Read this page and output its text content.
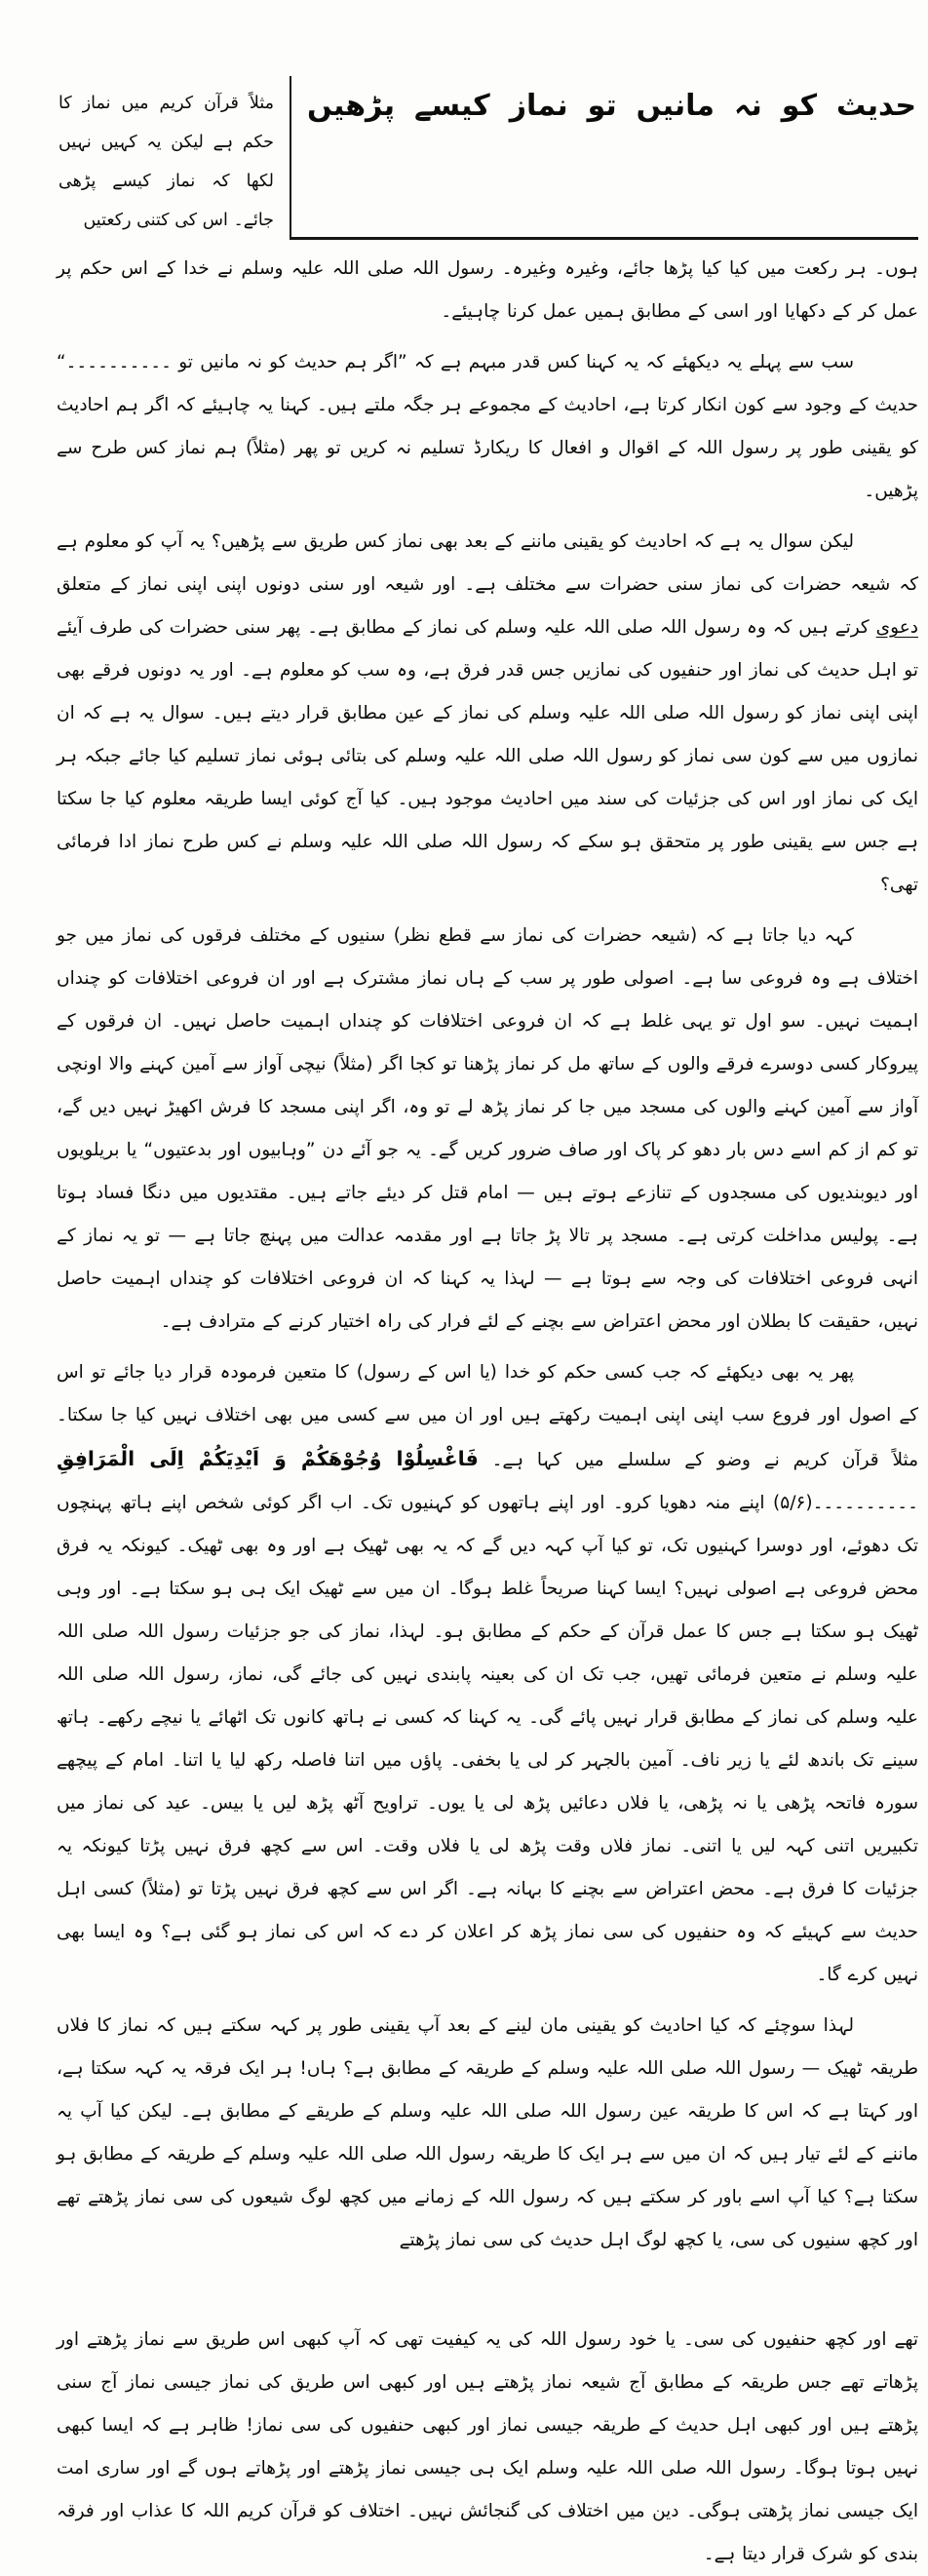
حدیث کو نہ مانیں تو نماز کیسے پڑھیں
مثلاً قرآن کریم میں نماز کا حکم ہے لیکن یہ کہیں نہیں لکھا کہ نماز کیسے پڑھی جائے۔ اس کی کتنی رکعتیں

ہوں۔ ہر رکعت میں کیا کیا پڑھا جائے، وغیرہ وغیرہ۔ رسول اللہ صلی اللہ علیہ وسلم نے خدا کے اس حکم پر عمل کر کے دکھایا اور اسی کے مطابق ہمیں عمل کرنا چاہیئے۔

سب سے پہلے یہ دیکھئے کہ یہ کہنا کس قدر مبہم ہے کہ ”اگر ہم حدیث کو نہ مانیں تو ۔۔۔۔۔۔۔۔۔۔“ حدیث کے وجود سے کون انکار کرتا ہے، احادیث کے مجموعے ہر جگہ ملتے ہیں۔ کہنا یہ چاہیئے کہ اگر ہم احادیث کو یقینی طور پر رسول اللہ کے اقوال و افعال کا ریکارڈ تسلیم نہ کریں تو پھر (مثلاً) ہم نماز کس طرح سے پڑھیں۔

لیکن سوال یہ ہے کہ احادیث کو یقینی ماننے کے بعد بھی نماز کس طریق سے پڑھیں؟ یہ آپ کو معلوم ہے کہ شیعہ حضرات کی نماز سنی حضرات سے مختلف ہے۔ اور شیعہ اور سنی دونوں اپنی اپنی نماز کے متعلق دعوی کرتے ہیں کہ وہ رسول اللہ صلی اللہ علیہ وسلم کی نماز کے مطابق ہے۔ پھر سنی حضرات کی طرف آیئے تو اہل حدیث کی نماز اور حنفیوں کی نمازیں جس قدر فرق ہے، وہ سب کو معلوم ہے۔ اور یہ دونوں فرقے بھی اپنی اپنی نماز کو رسول اللہ صلی اللہ علیہ وسلم کی نماز کے عین مطابق قرار دیتے ہیں۔ سوال یہ ہے کہ ان نمازوں میں سے کون سی نماز کو رسول اللہ صلی اللہ علیہ وسلم کی بتائی ہوئی نماز تسلیم کیا جائے جبکہ ہر ایک کی نماز اور اس کی جزئیات کی سند میں احادیث موجود ہیں۔ کیا آج کوئی ایسا طریقہ معلوم کیا جا سکتا ہے جس سے یقینی طور پر متحقق ہو سکے کہ رسول اللہ صلی اللہ علیہ وسلم نے کس طرح نماز ادا فرمائی تھی؟

کہہ دیا جاتا ہے کہ (شیعہ حضرات کی نماز سے قطع نظر) سنیوں کے مختلف فرقوں کی نماز میں جو اختلاف ہے وہ فروعی سا ہے۔ اصولی طور پر سب کے ہاں نماز مشترک ہے اور ان فروعی اختلافات کو چنداں اہمیت نہیں۔ سو اول تو یہی غلط ہے کہ ان فروعی اختلافات کو چنداں اہمیت حاصل نہیں۔ ان فرقوں کے پیروکار کسی دوسرے فرقے والوں کے ساتھ مل کر نماز پڑھنا تو کجا اگر (مثلاً) نیچی آواز سے آمین کہنے والا اونچی آواز سے آمین کہنے والوں کی مسجد میں جا کر نماز پڑھ لے تو وہ، اگر اپنی مسجد کا فرش اکھیڑ نہیں دیں گے، تو کم از کم اسے دس بار دھو کر پاک اور صاف ضرور کریں گے۔ یہ جو آئے دن ”وہابیوں اور بدعتیوں“ یا بریلویوں اور دیوبندیوں کی مسجدوں کے تنازعے ہوتے ہیں — امام قتل کر دیئے جاتے ہیں۔ مقتدیوں میں دنگا فساد ہوتا ہے۔ پولیس مداخلت کرتی ہے۔ مسجد پر تالا پڑ جاتا ہے اور مقدمہ عدالت میں پہنچ جاتا ہے — تو یہ نماز کے انہی فروعی اختلافات کی وجہ سے ہوتا ہے — لہذا یہ کہنا کہ ان فروعی اختلافات کو چنداں اہمیت حاصل نہیں، حقیقت کا بطلان اور محض اعتراض سے بچنے کے لئے فرار کی راہ اختیار کرنے کے مترادف ہے۔

پھر یہ بھی دیکھئے کہ جب کسی حکم کو خدا (یا اس کے رسول) کا متعین فرمودہ قرار دیا جائے تو اس کے اصول اور فروع سب اپنی اپنی اہمیت رکھتے ہیں اور ان میں سے کسی میں بھی اختلاف نہیں کیا جا سکتا۔ مثلاً قرآن کریم نے وضو کے سلسلے میں کہا ہے۔ فَاغْسِلُوْا وُجُوْهَكُمْ وَ اَيْدِيَكُمْ اِلَى الْمَرَافِقِ ۔۔۔۔۔۔۔۔۔۔(۵/۶) اپنے منہ دھویا کرو۔ اور اپنے ہاتھوں کو کہنیوں تک۔ اب اگر کوئی شخص اپنے ہاتھ پہنچوں تک دھوئے، اور دوسرا کہنیوں تک، تو کیا آپ کہہ دیں گے کہ یہ بھی ٹھیک ہے اور وہ بھی ٹھیک۔ کیونکہ یہ فرق محض فروعی ہے اصولی نہیں؟ ایسا کہنا صریحاً غلط ہوگا۔ ان میں سے ٹھیک ایک ہی ہو سکتا ہے۔ اور وہی ٹھیک ہو سکتا ہے جس کا عمل قرآن کے حکم کے مطابق ہو۔ لہذا، نماز کی جو جزئیات رسول اللہ صلی اللہ علیہ وسلم نے متعین فرمائی تھیں، جب تک ان کی بعینہ پابندی نہیں کی جائے گی، نماز، رسول اللہ صلی اللہ علیہ وسلم کی نماز کے مطابق قرار نہیں پائے گی۔ یہ کہنا کہ کسی نے ہاتھ کانوں تک اٹھائے یا نیچے رکھے۔ ہاتھ سینے تک باندھ لئے یا زیر ناف۔ آمین بالجہر کر لی یا بخفی۔ پاؤں میں اتنا فاصلہ رکھ لیا یا اتنا۔ امام کے پیچھے سورہ فاتحہ پڑھی یا نہ پڑھی، یا فلاں دعائیں پڑھ لی یا یوں۔ تراویح آٹھ پڑھ لیں یا بیس۔ عید کی نماز میں تکبیریں اتنی کہہ لیں یا اتنی۔ نماز فلاں وقت پڑھ لی یا فلاں وقت۔ اس سے کچھ فرق نہیں پڑتا کیونکہ یہ جزئیات کا فرق ہے۔ محض اعتراض سے بچنے کا بہانہ ہے۔ اگر اس سے کچھ فرق نہیں پڑتا تو (مثلاً) کسی اہل حدیث سے کہیئے کہ وہ حنفیوں کی سی نماز پڑھ کر اعلان کر دے کہ اس کی نماز ہو گئی ہے؟ وہ ایسا بھی نہیں کرے گا۔

لہذا سوچئے کہ کیا احادیث کو یقینی مان لینے کے بعد آپ یقینی طور پر کہہ سکتے ہیں کہ نماز کا فلاں طریقہ ٹھیک — رسول اللہ صلی اللہ علیہ وسلم کے طریقہ کے مطابق ہے؟ ہاں! ہر ایک فرقہ یہ کہہ سکتا ہے، اور کہتا ہے کہ اس کا طریقہ عین رسول اللہ صلی اللہ علیہ وسلم کے طریقے کے مطابق ہے۔ لیکن کیا آپ یہ ماننے کے لئے تیار ہیں کہ ان میں سے ہر ایک کا طریقہ رسول اللہ صلی اللہ علیہ وسلم کے طریقہ کے مطابق ہو سکتا ہے؟ کیا آپ اسے باور کر سکتے ہیں کہ رسول اللہ کے زمانے میں کچھ لوگ شیعوں کی سی نماز پڑھتے تھے اور کچھ سنیوں کی سی، یا کچھ لوگ اہل حدیث کی سی نماز پڑھتے

تھے اور کچھ حنفیوں کی سی۔ یا خود رسول اللہ کی یہ کیفیت تھی کہ آپ کبھی اس طریق سے نماز پڑھتے اور پڑھاتے تھے جس طریقہ کے مطابق آج شیعہ نماز پڑھتے ہیں اور کبھی اس طریق کی نماز جیسی نماز آج سنی پڑھتے ہیں اور کبھی اہل حدیث کے طریقہ جیسی نماز اور کبھی حنفیوں کی سی نماز! ظاہر ہے کہ ایسا کبھی نہیں ہوتا ہوگا۔ رسول اللہ صلی اللہ علیہ وسلم ایک ہی جیسی نماز پڑھتے اور پڑھاتے ہوں گے اور ساری امت ایک جیسی نماز پڑھتی ہوگی۔ دین میں اختلاف کی گنجائش نہیں۔ اختلاف کو قرآن کریم اللہ کا عذاب اور فرقہ بندی کو شرک قرار دیتا ہے۔
